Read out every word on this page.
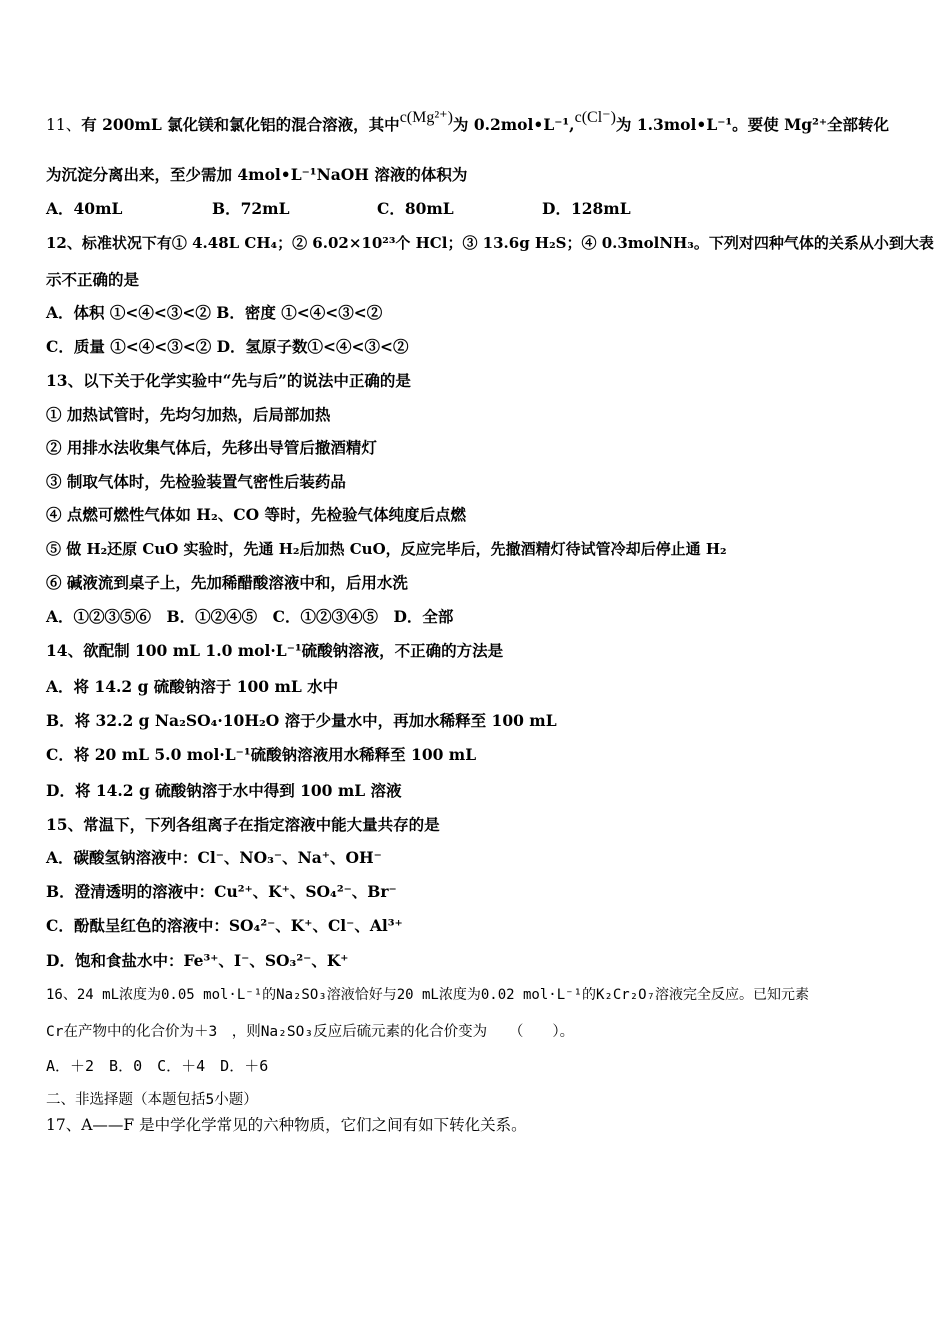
11、有 200mL 氯化镁和氯化铝的混合溶液，其中c(Mg²⁺)为 0.2mol•L⁻¹,c(Cl⁻)为 1.3mol•L⁻¹。要使 Mg²⁺全部转化
为沉淀分离出来，至少需加 4mol•L⁻¹NaOH 溶液的体积为
A．40mL	B．72mL	C．80mL	D．128mL
12、标准状况下有① 4.48L CH₄；② 6.02×10²³个 HCl；③ 13.6g H₂S；④ 0.3molNH₃。下列对四种气体的关系从小到大表
示不正确的是
A．体积 ①<④<③<② B．密度 ①<④<③<②
C．质量 ①<④<③<② D．氢原子数①<④<③<②
13、以下关于化学实验中“先与后”的说法中正确的是
① 加热试管时，先均匀加热，后局部加热
② 用排水法收集气体后，先移出导管后撤酒精灯
③ 制取气体时，先检验装置气密性后装药品
④ 点燃可燃性气体如 H₂、CO 等时，先检验气体纯度后点燃
⑤ 做 H₂还原 CuO 实验时，先通 H₂后加热 CuO，反应完毕后，先撤酒精灯待试管冷却后停止通 H₂
⑥ 碱液流到桌子上，先加稀醋酸溶液中和，后用水洗
A．①②③⑤⑥　B．①②④⑤　C．①②③④⑤　D．全部
14、欲配制 100 mL 1.0 mol·L⁻¹硫酸钠溶液，不正确的方法是
A．将 14.2 g 硫酸钠溶于 100 mL 水中
B．将 32.2 g Na₂SO₄·10H₂O 溶于少量水中，再加水稀释至 100 mL
C．将 20 mL 5.0 mol·L⁻¹硫酸钠溶液用水稀释至 100 mL
D．将 14.2 g 硫酸钠溶于水中得到 100 mL 溶液
15、常温下，下列各组离子在指定溶液中能大量共存的是
A．碳酸氢钠溶液中：Cl⁻、NO₃⁻、Na⁺、OH⁻
B．澄清透明的溶液中：Cu²⁺、K⁺、SO₄²⁻、Br⁻
C．酚酞呈红色的溶液中：SO₄²⁻、K⁺、Cl⁻、Al³⁺
D．饱和食盐水中：Fe³⁺、I⁻、SO₃²⁻、K⁺
16、24 mL浓度为0.05 mol·L⁻¹的Na₂SO₃溶液恰好与20 mL浓度为0.02 mol·L⁻¹的K₂Cr₂O₇溶液完全反应。已知元素
Cr在产物中的化合价为＋3　，则Na₂SO₃反应后硫元素的化合价变为　　（　　）。
A．＋2　B．0　C．＋4　D．＋6
二、非选择题（本题包括5小题）
17、A——F 是中学化学常见的六种物质，它们之间有如下转化关系。
